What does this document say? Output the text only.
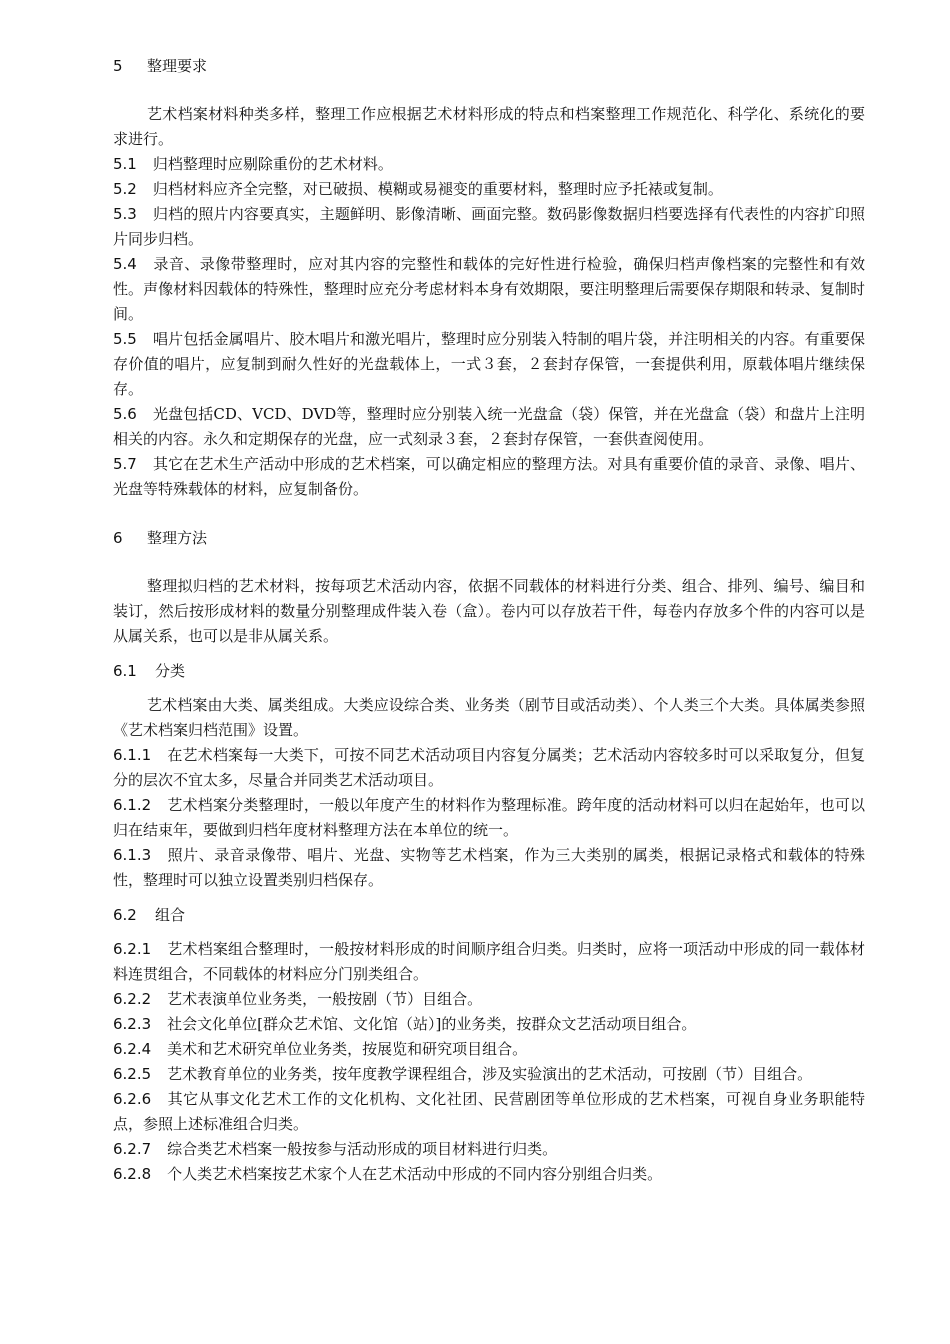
5 整理要求

艺术档案材料种类多样，整理工作应根据艺术材料形成的特点和档案整理工作规范化、科学化、系统化的要求进行。

5.1 归档整理时应剔除重份的艺术材料。

5.2 归档材料应齐全完整，对已破损、模糊或易褪变的重要材料，整理时应予托裱或复制。

5.3 归档的照片内容要真实，主题鲜明、影像清晰、画面完整。数码影像数据归档要选择有代表性的内容扩印照片同步归档。

5.4 录音、录像带整理时，应对其内容的完整性和载体的完好性进行检验，确保归档声像档案的完整性和有效性。声像材料因载体的特殊性，整理时应充分考虑材料本身有效期限，要注明整理后需要保存期限和转录、复制时间。

5.5 唱片包括金属唱片、胶木唱片和激光唱片，整理时应分别装入特制的唱片袋，并注明相关的内容。有重要保存价值的唱片，应复制到耐久性好的光盘载体上，一式３套，２套封存保管，一套提供利用，原载体唱片继续保存。

5.6 光盘包括CD、VCD、DVD等，整理时应分别装入统一光盘盒（袋）保管，并在光盘盒（袋）和盘片上注明相关的内容。永久和定期保存的光盘，应一式刻录３套，２套封存保管，一套供查阅使用。

5.7 其它在艺术生产活动中形成的艺术档案，可以确定相应的整理方法。对具有重要价值的录音、录像、唱片、光盘等特殊载体的材料，应复制备份。

6 整理方法

整理拟归档的艺术材料，按每项艺术活动内容，依据不同载体的材料进行分类、组合、排列、编号、编目和装订，然后按形成材料的数量分别整理成件装入卷（盒）。卷内可以存放若干件，每卷内存放多个件的内容可以是从属关系，也可以是非从属关系。

6.1 分类

艺术档案由大类、属类组成。大类应设综合类、业务类（剧节目或活动类）、个人类三个大类。具体属类参照《艺术档案归档范围》设置。

6.1.1 在艺术档案每一大类下，可按不同艺术活动项目内容复分属类；艺术活动内容较多时可以采取复分，但复分的层次不宜太多，尽量合并同类艺术活动项目。

6.1.2 艺术档案分类整理时，一般以年度产生的材料作为整理标准。跨年度的活动材料可以归在起始年，也可以归在结束年，要做到归档年度材料整理方法在本单位的统一。

6.1.3 照片、录音录像带、唱片、光盘、实物等艺术档案，作为三大类别的属类，根据记录格式和载体的特殊性，整理时可以独立设置类别归档保存。

6.2 组合

6.2.1 艺术档案组合整理时，一般按材料形成的时间顺序组合归类。归类时，应将一项活动中形成的同一载体材料连贯组合，不同载体的材料应分门别类组合。

6.2.2 艺术表演单位业务类，一般按剧（节）目组合。

6.2.3 社会文化单位[群众艺术馆、文化馆（站）]的业务类，按群众文艺活动项目组合。

6.2.4 美术和艺术研究单位业务类，按展览和研究项目组合。

6.2.5 艺术教育单位的业务类，按年度教学课程组合，涉及实验演出的艺术活动，可按剧（节）目组合。

6.2.6 其它从事文化艺术工作的文化机构、文化社团、民营剧团等单位形成的艺术档案，可视自身业务职能特点，参照上述标准组合归类。

6.2.7 综合类艺术档案一般按参与活动形成的项目材料进行归类。

6.2.8 个人类艺术档案按艺术家个人在艺术活动中形成的不同内容分别组合归类。
